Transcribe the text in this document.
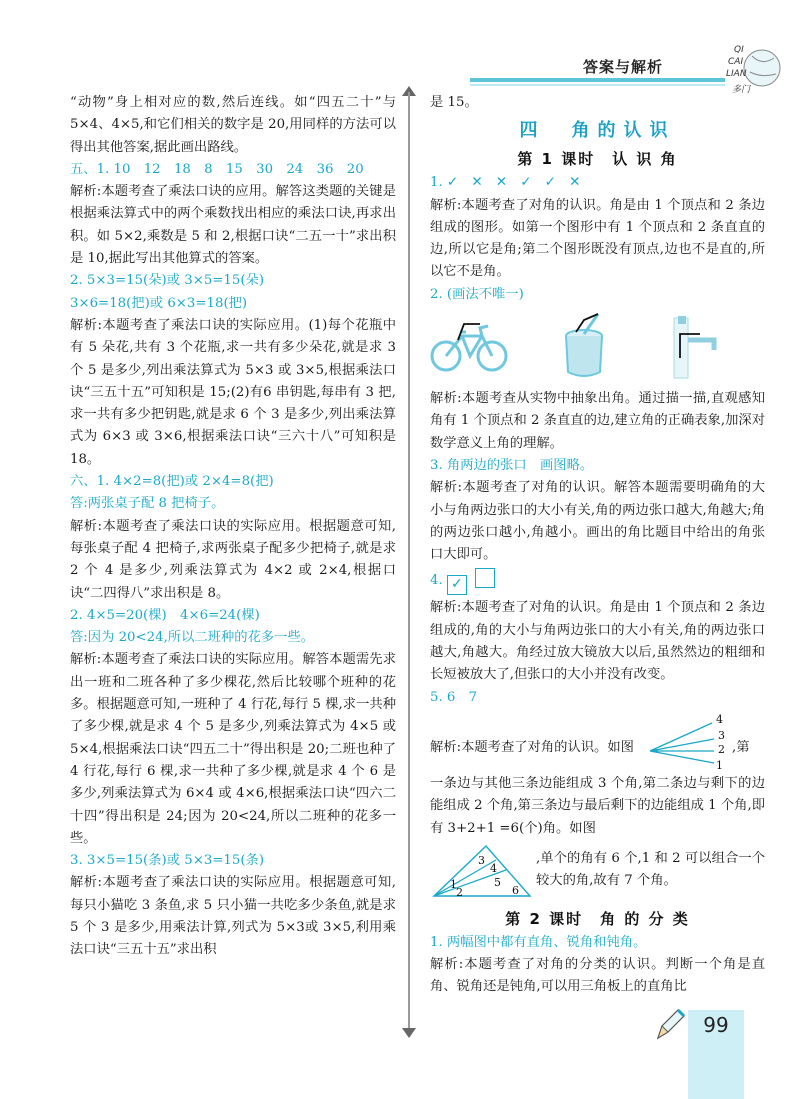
答案与解析
QI
CAI
LIAN
多门

“动物”身上相对应的数,然后连线。如“四五二十”与5×4、4×5,和它们相关的数字是 20,用同样的方法可以得出其他答案,据此画出路线。

五、1. 10　12　18　8　15　30　24　36　20

解析:本题考查了乘法口诀的应用。解答这类题的关键是根据乘法算式中的两个乘数找出相应的乘法口诀,再求出积。如 5×2,乘数是 5 和 2,根据口诀“二五一十”求出积是 10,据此写出其他算式的答案。

2. 5×3=15(朵)或 3×5=15(朵)

3×6=18(把)或 6×3=18(把)

解析:本题考查了乘法口诀的实际应用。(1)每个花瓶中有 5 朵花,共有 3 个花瓶,求一共有多少朵花,就是求 3 个 5 是多少,列出乘法算式为 5×3 或 3×5,根据乘法口诀“三五十五”可知积是 15;(2)有6 串钥匙,每串有 3 把,求一共有多少把钥匙,就是求 6 个 3 是多少,列出乘法算式为 6×3 或 3×6,根据乘法口诀“三六十八”可知积是 18。

六、1. 4×2=8(把)或 2×4=8(把)

答:两张桌子配 8 把椅子。

解析:本题考查了乘法口诀的实际应用。根据题意可知,每张桌子配 4 把椅子,求两张桌子配多少把椅子,就是求 2 个 4 是多少,列乘法算式为 4×2 或 2×4,根据口诀“二四得八”求出积是 8。

2. 4×5=20(棵)　4×6=24(棵)

答:因为 20<24,所以二班种的花多一些。

解析:本题考查了乘法口诀的实际应用。解答本题需先求出一班和二班各种了多少棵花,然后比较哪个班种的花多。根据题意可知,一班种了 4 行花,每行 5 棵,求一共种了多少棵,就是求 4 个 5 是多少,列乘法算式为 4×5 或 5×4,根据乘法口诀“四五二十”得出积是 20;二班也种了 4 行花,每行 6 棵,求一共种了多少棵,就是求 4 个 6 是多少,列乘法算式为 6×4 或 4×6,根据乘法口诀“四六二十四”得出积是 24;因为 20<24,所以二班种的花多一些。

3. 3×5=15(条)或 5×3=15(条)

解析:本题考查了乘法口诀的实际应用。根据题意可知,每只小猫吃 3 条鱼,求 5 只小猫一共吃多少条鱼,就是求 5 个 3 是多少,用乘法计算,列式为 5×3或 3×5,利用乘法口诀“三五十五”求出积

是 15。

四　角的认识
第 1 课时　认 识 角

1. ✓　✕　✕　✓　✓　✕

解析:本题考查了对角的认识。角是由 1 个顶点和 2 条边组成的图形。如第一个图形中有 1 个顶点和 2 条直直的边,所以它是角;第二个图形既没有顶点,边也不是直的,所以它不是角。

2. (画法不唯一)

解析:本题考查从实物中抽象出角。通过描一描,直观感知角有 1 个顶点和 2 条直直的边,建立角的正确表象,加深对数学意义上角的理解。

3. 角两边的张口　画图略。

解析:本题考查了对角的认识。解答本题需要明确角的大小与角两边张口的大小有关,角的两边张口越大,角越大;角的两边张口越小,角越小。画出的角比题目中给出的角张口大即可。

4. ✓

解析:本题考查了对角的认识。角是由 1 个顶点和 2 条边组成的,角的大小与角两边张口的大小有关,角的两边张口越大,角越大。角经过放大镜放大以后,虽然然边的粗细和长短被放大了,但张口的大小并没有改变。

5. 6　7

解析:本题考查了对角的认识。如图
4
3
2
1
,第

一条边与其他三条边能组成 3 个角,第二条边与剩下的边能组成 2 个角,第三条边与最后剩下的边能组成 1 个角,即有 3+2+1 =6(个)角。如图

3
4
5
1
2	6

,单个的角有 6 个,1 和 2 可以组合一个较大的角,故有 7 个角。

第 2 课时　角 的 分 类

1. 两幅图中都有直角、锐角和钝角。

解析:本题考查了对角的分类的认识。判断一个角是直角、锐角还是钝角,可以用三角板上的直角比

99
